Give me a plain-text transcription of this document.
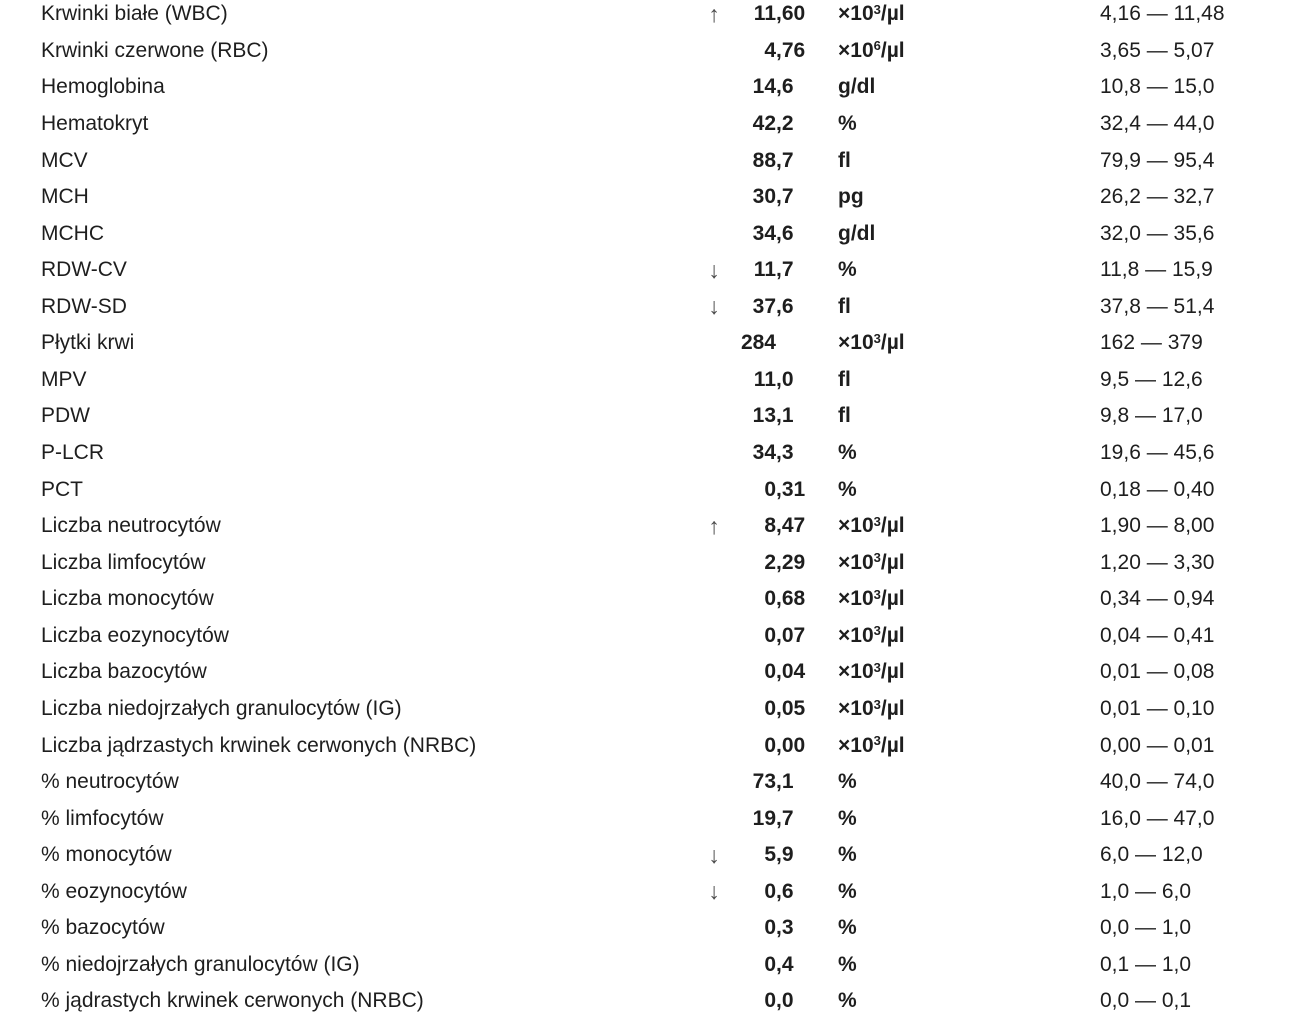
Krwinki białe (WBC)	↑	11 ,60	$\times 10^3/\mu l$	4,16 — 11,48
Krwinki czerwone (RBC)	4 ,76	$\times 10^6/\mu l$	3,65 — 5,07
Hemoglobina	14 ,6	g/dl	10,8 — 15,0
Hematokryt	42 ,2	%	32,4 — 44,0
MCV	88 ,7	fl	79,9 — 95,4
MCH	30 ,7	pg	26,2 — 32,7
MCHC	34 ,6	g/dl	32,0 — 35,6
RDW-CV	↓	11 ,7	%	11,8 — 15,9
RDW-SD	↓	37 ,6	fl	37,8 — 51,4
Płytki krwi	284	$\times 10^3/\mu l$	162 — 379
MPV	11 ,0	fl	9,5 — 12,6
PDW	13 ,1	fl	9,8 — 17,0
P-LCR	34 ,3	%	19,6 — 45,6
PCT	0 ,31	%	0,18 — 0,40
Liczba neutrocytów	↑	8 ,47	$\times 10^3/\mu l$	1,90 — 8,00
Liczba limfocytów	2 ,29	$\times 10^3/\mu l$	1,20 — 3,30
Liczba monocytów	0 ,68	$\times 10^3/\mu l$	0,34 — 0,94
Liczba eozynocytów	0 ,07	$\times 10^3/\mu l$	0,04 — 0,41
Liczba bazocytów	0 ,04	$\times 10^3/\mu l$	0,01 — 0,08
Liczba niedojrzałych granulocytów (IG)	0 ,05	$\times 10^3/\mu l$	0,01 — 0,10
Liczba jądrzastych krwinek cerwonych (NRBC)	0 ,00	$\times 10^3/\mu l$	0,00 — 0,01
% neutrocytów	73 ,1	%	40,0 — 74,0
% limfocytów	19 ,7	%	16,0 — 47,0
% monocytów	↓	5 ,9	%	6,0 — 12,0
% eozynocytów	↓	0 ,6	%	1,0 — 6,0
% bazocytów	0 ,3	%	0,0 — 1,0
% niedojrzałych granulocytów (IG)	0 ,4	%	0,1 — 1,0
% jądrastych krwinek cerwonych (NRBC)	0 ,0	%	0,0 — 0,1
